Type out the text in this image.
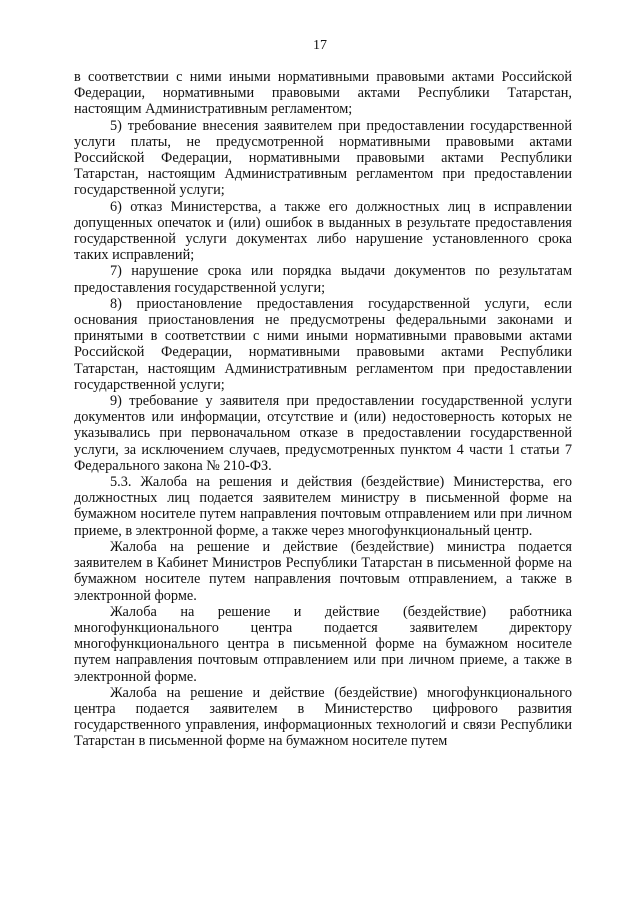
17

в соответствии с ними иными нормативными правовыми актами Российской Федерации, нормативными правовыми актами Республики Татарстан, настоящим Административным регламентом;

5) требование внесения заявителем при предоставлении государственной услуги платы, не предусмотренной нормативными правовыми актами Российской Федерации, нормативными правовыми актами Республики Татарстан, настоящим Административным регламентом при предоставлении государственной услуги;

6) отказ Министерства, а также его должностных лиц в исправлении допущенных опечаток и (или) ошибок в выданных в результате предоставления государственной услуги документах либо нарушение установленного срока таких исправлений;

7) нарушение срока или порядка выдачи документов по результатам предоставления государственной услуги;

8) приостановление предоставления государственной услуги, если основания приостановления не предусмотрены федеральными законами и принятыми в соответствии с ними иными нормативными правовыми актами Российской Федерации, нормативными правовыми актами Республики Татарстан, настоящим Административным регламентом при предоставлении государственной услуги;

9) требование у заявителя при предоставлении государственной услуги документов или информации, отсутствие и (или) недостоверность которых не указывались при первоначальном отказе в предоставлении государственной услуги, за исключением случаев, предусмотренных пунктом 4 части 1 статьи 7 Федерального закона № 210-ФЗ.

5.3. Жалоба на решения и действия (бездействие) Министерства, его должностных лиц подается заявителем министру в письменной форме на бумажном носителе путем направления почтовым отправлением или при личном приеме, в электронной форме, а также через многофункциональный центр.

Жалоба на решение и действие (бездействие) министра подается заявителем в Кабинет Министров Республики Татарстан в письменной форме на бумажном носителе путем направления почтовым отправлением, а также в электронной форме.

Жалоба на решение и действие (бездействие) работника многофункционального центра подается заявителем директору многофункционального центра в письменной форме на бумажном носителе путем направления почтовым отправлением или при личном приеме, а также в электронной форме.

Жалоба на решение и действие (бездействие) многофункционального центра подается заявителем в Министерство цифрового развития государственного управления, информационных технологий и связи Республики Татарстан в письменной форме на бумажном носителе путем
